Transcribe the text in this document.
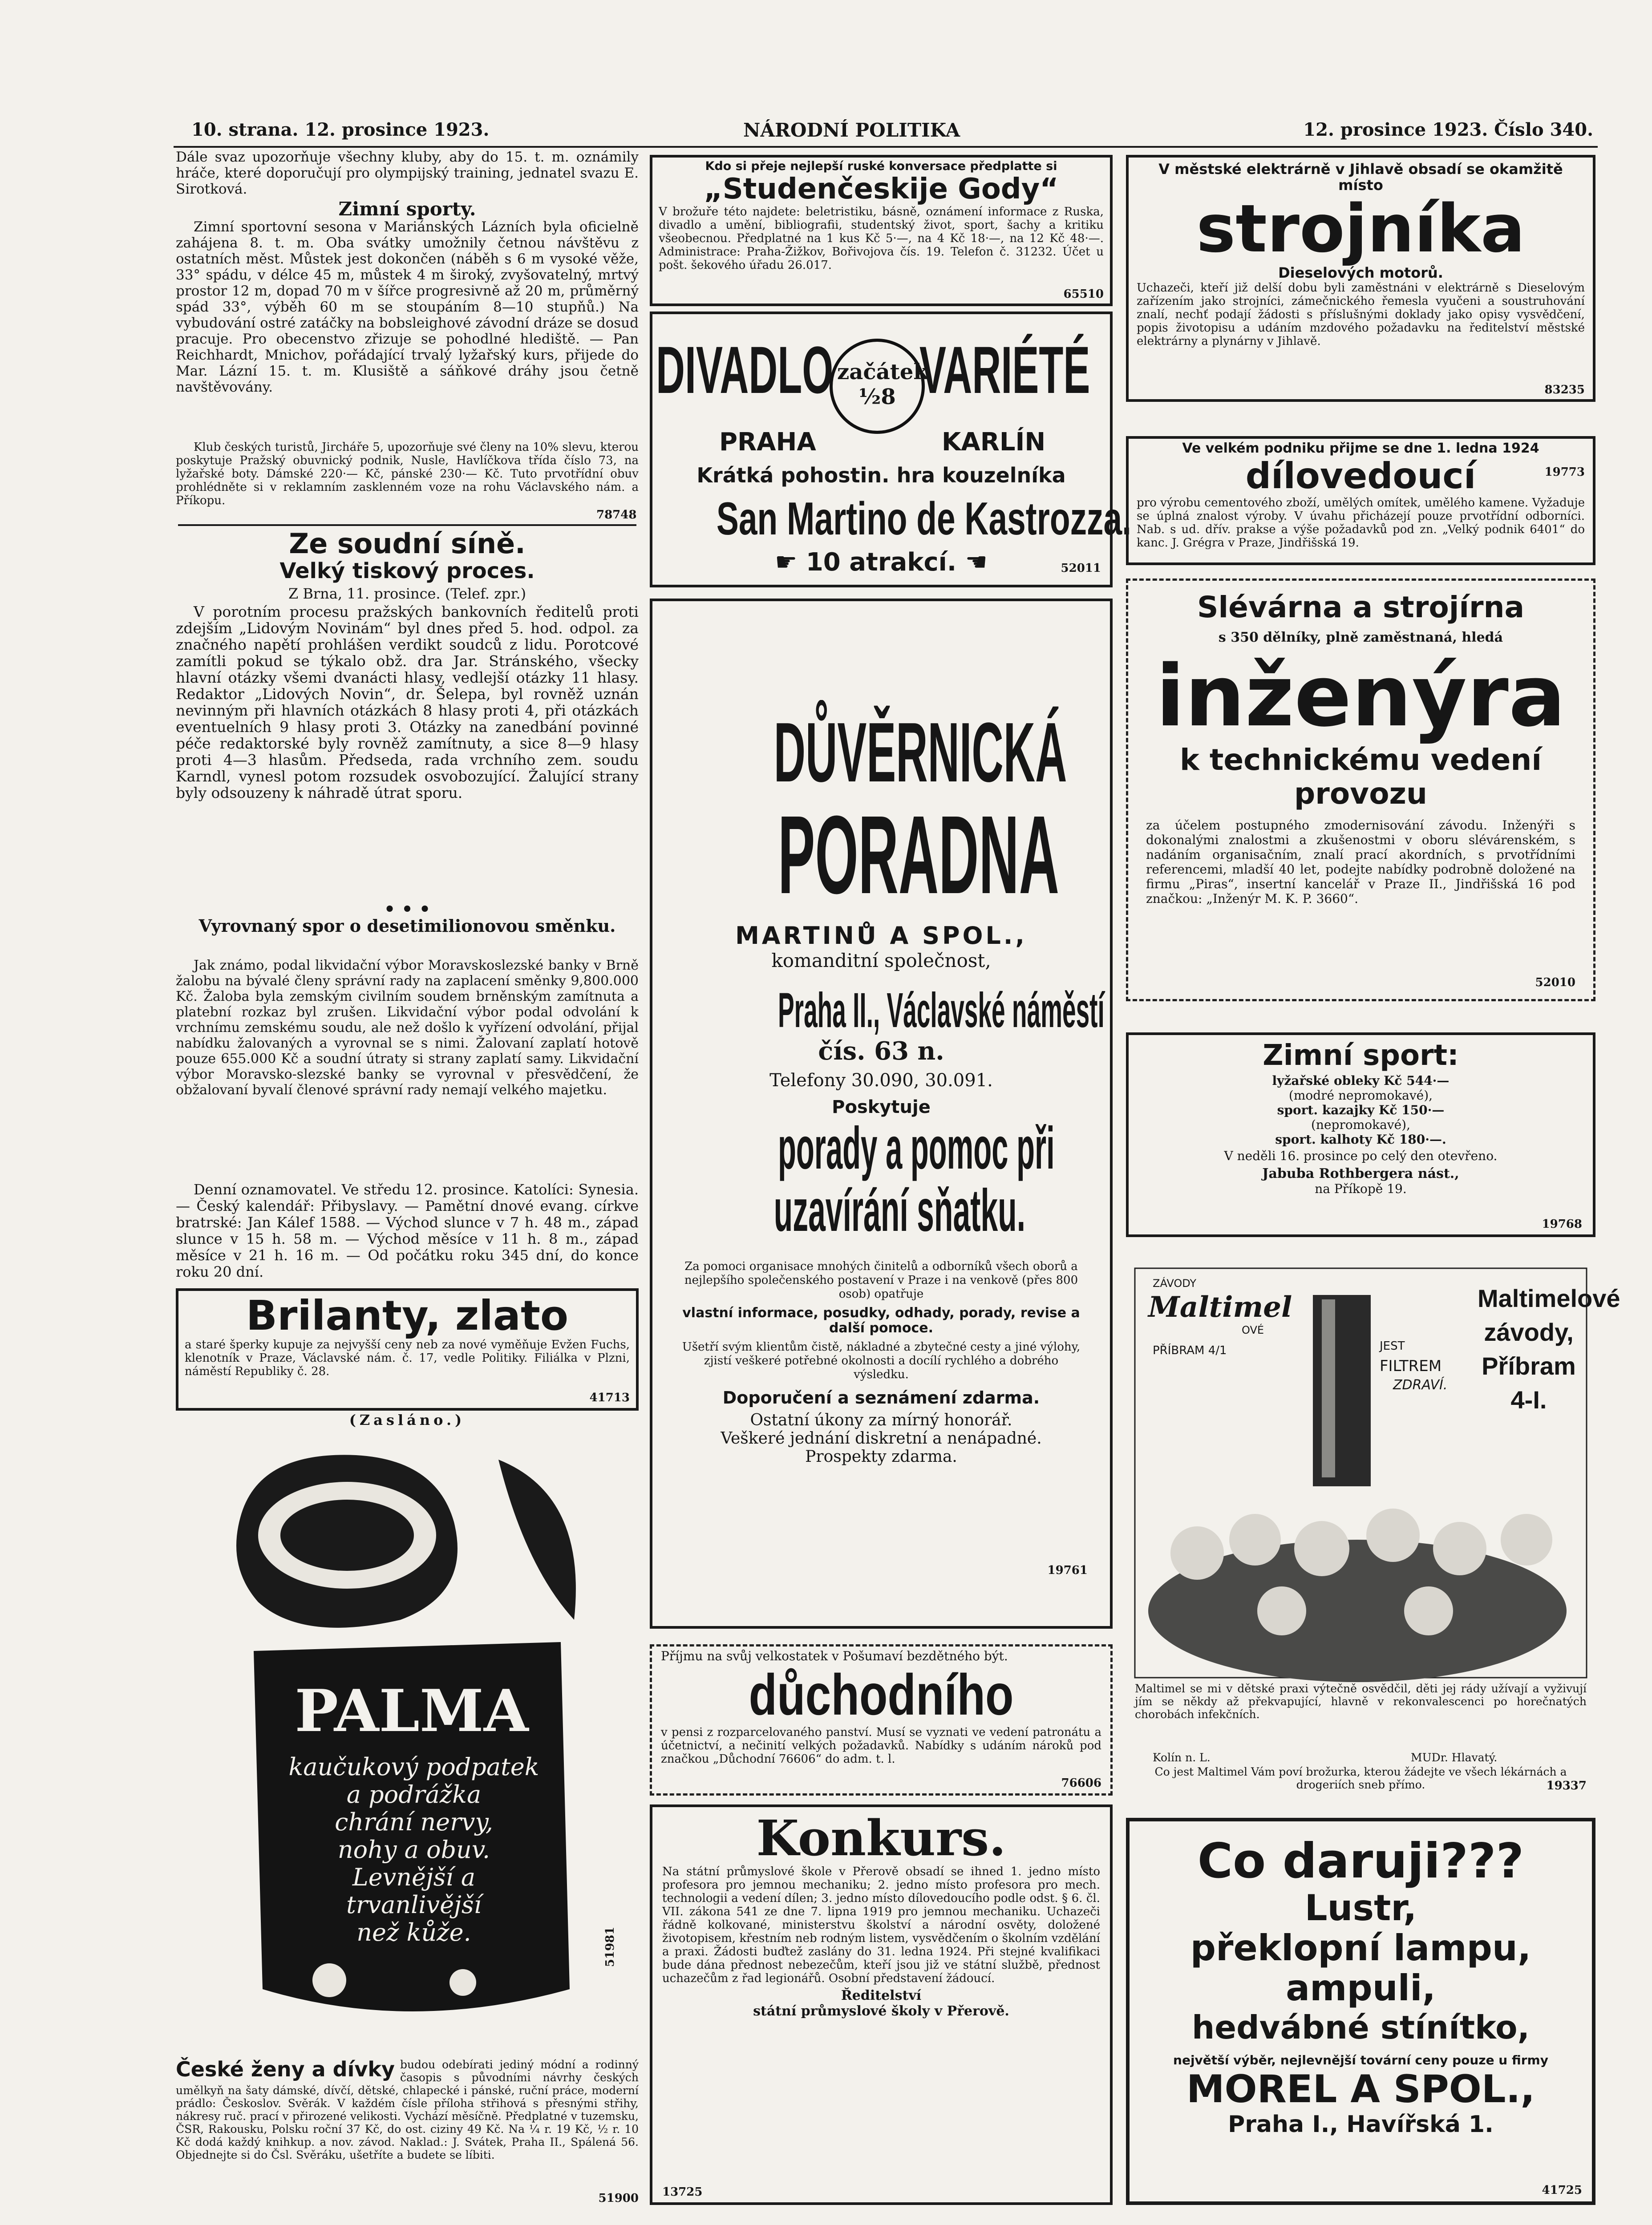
10. strana. 12. prosince 1923.	NÁRODNÍ POLITIKA	12. prosince 1923. Číslo 340.

Dále svaz upozorňuje všechny kluby, aby do 15. t. m. oznámily hráče, které doporučují pro olympijský training, jednatel svazu E. Sirotková.

Zimní sporty.

Zimní sportovní sesona v Mariánských Lázních byla oficielně zahájena 8. t. m. Oba svátky umožnily četnou návštěvu z ostatních měst. Můstek jest dokončen (náběh s 6 m vysoké věže, 33° spádu, v délce 45 m, můstek 4 m široký, zvyšovatelný, mrtvý prostor 12 m, dopad 70 m v šířce progresivně až 20 m, průměrný spád 33°, výběh 60 m se stoupáním 8—10 stupňů.) Na vybudování ostré zatáčky na bobsleighové závodní dráze se dosud pracuje. Pro obecenstvo zřizuje se pohodlné hlediště. — Pan Reichhardt, Mnichov, pořádající trvalý lyžařský kurs, přijede do Mar. Lázní 15. t. m. Klusiště a sáňkové dráhy jsou četně navštěvovány.

Klub českých turistů, Jircháře 5, upozorňuje své členy na 10% slevu, kterou poskytuje Pražský obuvnický podnik, Nusle, Havlíčkova třída číslo 73, na lyžařské boty. Dámské 220·— Kč, pánské 230·— Kč. Tuto prvotřídní obuv prohlédněte si v reklamním zasklenném voze na rohu Václavského nám. a Příkopu.

78748
Ze soudní síně.
Velký tiskový proces.
Z Brna, 11. prosince. (Telef. zpr.)

V porotním procesu pražských bankovních ředitelů proti zdejším „Lidovým Novinám“ byl dnes před 5. hod. odpol. za značného napětí prohlášen verdikt soudců z lidu. Porotcové zamítli pokud se týkalo obž. dra Jar. Stránského, všecky hlavní otázky všemi dvanácti hlasy, vedlejší otázky 11 hlasy. Redaktor „Lidových Novin“, dr. Šelepa, byl rovněž uznán nevinným při hlavních otázkách 8 hlasy proti 4, při otázkách eventuelních 9 hlasy proti 3. Otázky na zanedbání povinné péče redaktorské byly rovněž zamítnuty, a sice 8—9 hlasy proti 4—3 hlasům. Předseda, rada vrchního zem. soudu Karndl, vynesl potom rozsudek osvobozující. Žalující strany byly odsouzeny k náhradě útrat sporu.

• • •
Vyrovnaný spor o desetimilionovou směnku.

Jak známo, podal likvidační výbor Moravskoslezské banky v Brně žalobu na bývalé členy správní rady na zaplacení směnky 9,800.000 Kč. Žaloba byla zemským civilním soudem brněnským zamítnuta a platební rozkaz byl zrušen. Likvidační výbor podal odvolání k vrchnímu zemskému soudu, ale než došlo k vyřízení odvolání, přijal nabídku žalovaných a vyrovnal se s nimi. Žalovaní zaplatí hotově pouze 655.000 Kč a soudní útraty si strany zaplatí samy. Likvidační výbor Moravsko-slezské banky se vyrovnal v přesvědčení, že obžalovaní byvalí členové správní rady nemají velkého majetku.

Denní oznamovatel. Ve středu 12. prosince. Katolíci: Synesia. — Český kalendář: Přibyslavy. — Pamětní dnové evang. církve bratrské: Jan Kálef 1588. — Východ slunce v 7 h. 48 m., západ slunce v 15 h. 58 m. — Východ měsíce v 11 h. 8 m., západ měsíce v 21 h. 16 m. — Od počátku roku 345 dní, do konce roku 20 dní.

Brilanty, zlato
a staré šperky kupuje za nejvyšší ceny neb za nové vyměňuje Evžen Fuchs, klenotník v Praze, Václavské nám. č. 17, vedle Politiky. Filiálka v Plzni, náměstí Republiky č. 28.
41713
(Zasláno.)
PALMA
kaučukový podpatek
a podrážka
chrání nervy,
nohy a obuv.
Levnější a
trvanlivější
než kůže.	51981
České ženy a dívky budou odebírati jediný módní a rodinný časopis s původními návrhy českých umělkyň na šaty dámské, dívčí, dětské, chlapecké i pánské, ruční práce, moderní prádlo: Českoslov. Svěrák. V každém čísle příloha střihová s přesnými střihy, nákresy ruč. prací v přirozené velikosti. Vychází měsíčně. Předplatné v tuzemsku, ČSR, Rakousku, Polsku roční 37 Kč, do ost. ciziny 49 Kč. Na ¼ r. 19 Kč, ½ r. 10 Kč dodá každý knihkup. a nov. závod. Naklad.: J. Svátek, Praha II., Spálená 56. Objednejte si do Čsl. Svěráku, ušetříte a budete se líbiti.
51900
Kdo si přeje nejlepší ruské konversace předplatte si
„Studenčeskije Gody“
V brožuře této najdete: beletristiku, básně, oznámení informace z Ruska, divadlo a umění, bibliografii, studentský život, sport, šachy a kritiku všeobecnou. Předplatné na 1 kus Kč 5·—, na 4 Kč 18·—, na 12 Kč 48·—. Administrace: Praha-Žižkov, Bořivojova čís. 19. Telefon č. 31232. Účet u pošt. šekového úřadu 26.017.
65510
DIVADLO začátek ½8 VARIÉTÉ
PRAHA	KARLÍN
Krátká pohostin. hra kouzelníka
San Martino de Kastrozza.
☛ 10 atrakcí. ☚	52011
DŮVĚRNICKÁ
PORADNA
MARTINŮ A SPOL.,
komanditní společnost,
Praha II., Václavské náměstí
čís. 63 n.
Telefony 30.090, 30.091.
Poskytuje
porady a pomoc při
uzavírání sňatku.
Za pomoci organisace mnohých činitelů a odborníků všech oborů a nejlepšího společenského postavení v Praze i na venkově (přes 800 osob) opatřuje
vlastní informace, posudky, odhady, porady, revise a další pomoce.
Ušetří svým klientům čistě, nákladné a zbytečné cesty a jiné výlohy, zjistí veškeré potřebné okolnosti a docílí rychlého a dobrého výsledku.
Doporučení a seznámení zdarma.
Ostatní úkony za mírný honorář.
Veškeré jednání diskretní a nenápadné.
Prospekty zdarma.
19761
Příjmu na svůj velkostatek v Pošumaví bezdětného být.
důchodního
v pensi z rozparcelovaného panství. Musí se vyznati ve vedení patronátu a účetnictví, a nečinití velkých požadavků. Nabídky s udáním nároků pod značkou „Důchodní 76606“ do adm. t. l.
76606
Konkurs.
Na státní průmyslové škole v Přerově obsadí se ihned 1. jedno místo profesora pro jemnou mechaniku; 2. jedno místo profesora pro mech. technologii a vedení dílen; 3. jedno místo dílovedoucího podle odst. § 6. čl. VII. zákona 541 ze dne 7. lipna 1919 pro jemnou mechaniku. Uchazeči řádně kolkované, ministerstvu školství a národní osvěty, doložené životopisem, křestním neb rodným listem, vysvědčením o školním vzdělání a praxi. Žádosti buďtež zaslány do 31. ledna 1924. Při stejné kvalifikaci bude dána přednost nebezečům, kteří jsou již ve státní službě, přednost uchazečům z řad legionářů. Osobní představení žádoucí.
Ředitelství
státní průmyslové školy v Přerově.
13725
V městské elektrárně v Jihlavě obsadí se okamžitě místo
strojníka
Dieselových motorů.
Uchazeči, kteří již delší dobu byli zaměstnáni v elektrárně s Dieselovým zařízením jako strojníci, zámečnického řemesla vyučeni a soustruhování znalí, nechť podají žádosti s příslušnými doklady jako opisy vysvědčení, popis životopisu a udáním mzdového požadavku na ředitelství městské elektrárny a plynárny v Jihlavě.
83235
Ve velkém podniku přijme se dne 1. ledna 1924
dílovedoucí	19773
pro výrobu cementového zboží, umělých omítek, umělého kamene. Vyžaduje se úplná znalost výroby. V úvahu přicházejí pouze prvotřídní odborníci. Nab. s ud. dřív. prakse a výše požadavků pod zn. „Velký podnik 6401“ do kanc. J. Grégra v Praze, Jindřišská 19.
Slévárna a strojírna
s 350 dělníky, plně zaměstnaná, hledá
inženýra
k technickému vedení
provozu
za účelem postupného zmodernisování závodu. Inženýři s dokonalými znalostmi a zkušenostmi v oboru slévárenském, s nadáním organisačním, znalí prací akordních, s prvotřídními referencemi, mladší 40 let, podejte nabídky podrobně doložené na firmu „Piras“, insertní kancelář v Praze II., Jindřišská 16 pod značkou: „Inženýr M. K. P. 3660“.
52010
Zimní sport:
lyžařské obleky Kč 544·—
(modré nepromokavé),
sport. kazajky Kč 150·—
(nepromokavé),
sport. kalhoty Kč 180·—.
V neděli 16. prosince po celý den otevřeno.
Jabuba Rothbergera nást.,
na Příkopě 19.
19768
ZÁVODY
Maltimel
OVÉ
PŘÍBRAM 4/1	JEST
FILTREM
ZDRAVÍ.
Maltimelové závody, Příbram 4-I.
Maltimel se mi v dětské praxi výtečně osvědčil, děti jej rády užívají a vyživují jím se někdy až překvapující, hlavně v rekonvalescenci po horečnatých chorobách infekčních.
Kolín n. L.	MUDr. Hlavatý.
Co jest Maltimel Vám poví brožurka, kterou žádejte ve všech lékárnách a drogeriích sneb přímo.	19337
Co daruji???
Lustr,
překlopní lampu,
ampuli,
hedvábné stínítko,
největší výběr, nejlevnější tovární ceny pouze u firmy
MOREL A SPOL.,
Praha I., Havířská 1.
41725
